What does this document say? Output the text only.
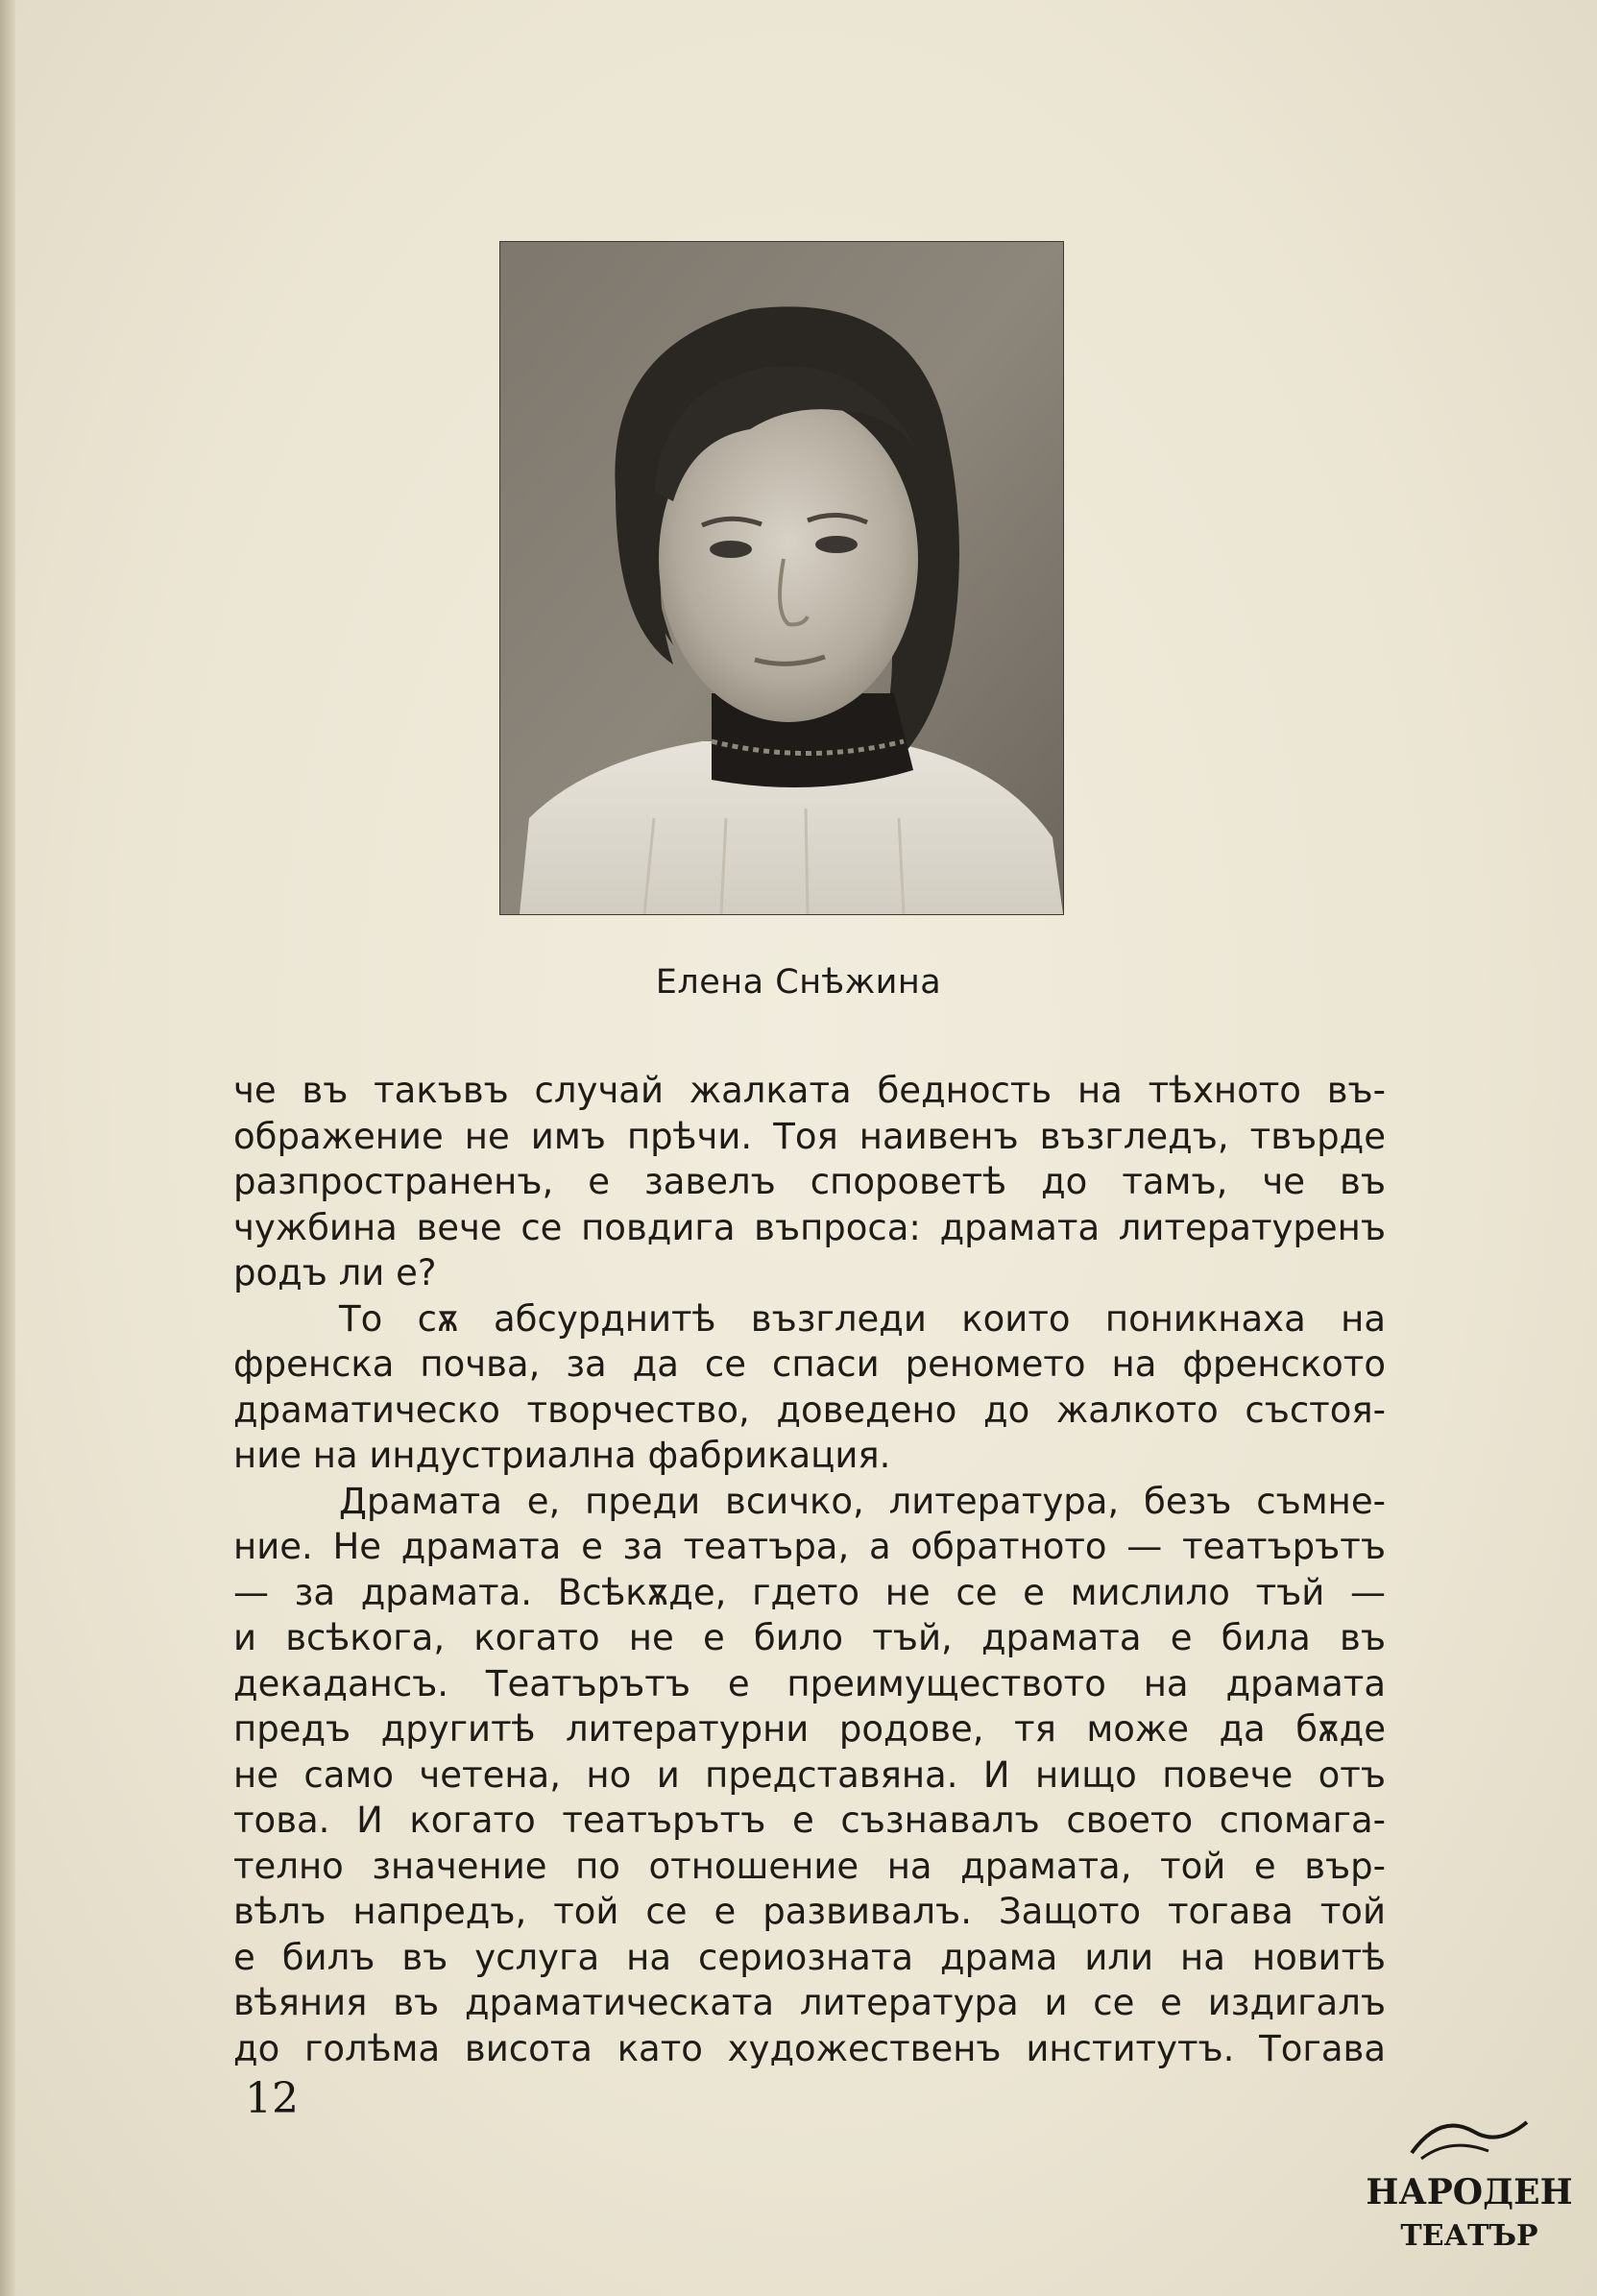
Елена Снѣжина
че въ такъвъ случай жалката бедность на тѣхното въ-
ображение не имъ прѣчи. Тоя наивенъ възгледъ, твърде
разпространенъ, е завелъ споровeтѣ до тамъ, че въ
чужбина вече се повдига въпроса: драмата литературенъ
родъ ли е?
То сѫ абсурднитѣ възгледи които поникнаха на
френска почва, за да се спаси реномето на френското
драматическо творчество, доведено до жалкото състоя-
ние на индустриална фабрикация.
Драмата е, преди всичко, литература, безъ съмне-
ние. Не драмата е за театъра, а обратното — театърътъ
— за драмата. Всѣкѫде, гдето не се е мислило тъй —
и всѣкога, когато не е било тъй, драмата е била въ
декадансъ. Театърътъ е преимуществото на драмата
предъ другитѣ литературни родове, тя може да бѫде
не само четена, но и представяна. И нищо повече отъ
това. И когато театърътъ е съзнавалъ своето спомага-
телно значение по отношение на драмата, той е вър-
вѣлъ напредъ, той се е развивалъ. Защото тогава той
е билъ въ услуга на сериозната драма или на новитѣ
вѣяния въ драматическата литература и се е издигалъ
до голѣма висота като художественъ институтъ. Тогава
12
НАРОДЕН
ТЕАТЪР
